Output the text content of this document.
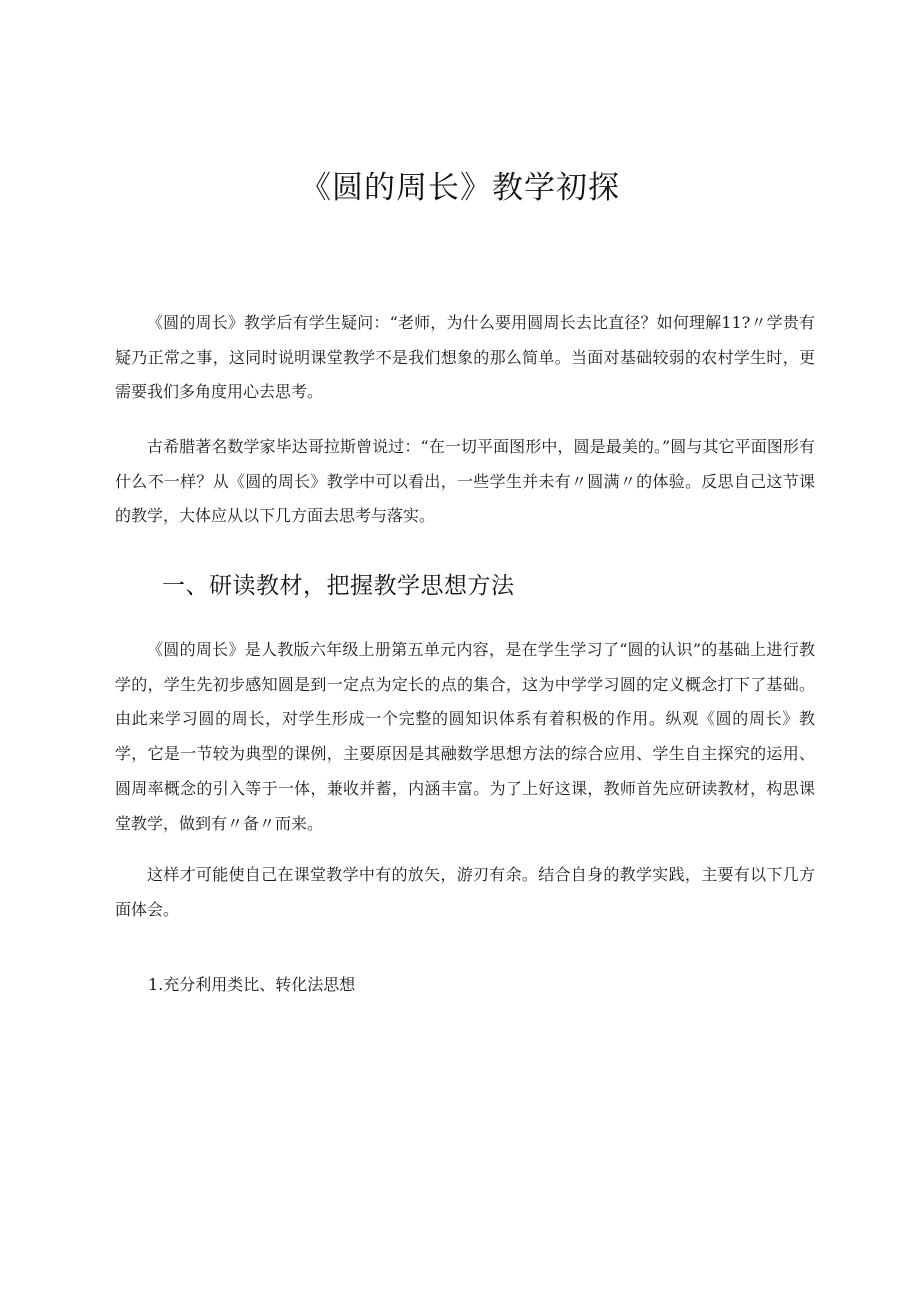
《圆的周长》教学初探

《圆的周长》教学后有学生疑问：“老师，为什么要用圆周长去比直径？如何理解11?〃学贵有疑乃正常之事，这同时说明课堂教学不是我们想象的那么简单。当面对基础较弱的农村学生时，更需要我们多角度用心去思考。

古希腊著名数学家毕达哥拉斯曾说过：“在一切平面图形中，圆是最美的。”圆与其它平面图形有什么不一样？从《圆的周长》教学中可以看出，一些学生并未有〃圆满〃的体验。反思自己这节课的教学，大体应从以下几方面去思考与落实。

一、研读教材，把握教学思想方法

《圆的周长》是人教版六年级上册第五单元内容，是在学生学习了“圆的认识”的基础上进行教学的，学生先初步感知圆是到一定点为定长的点的集合，这为中学学习圆的定义概念打下了基础。由此来学习圆的周长，对学生形成一个完整的圆知识体系有着积极的作用。纵观《圆的周长》教学，它是一节较为典型的课例，主要原因是其融数学思想方法的综合应用、学生自主探究的运用、圆周率概念的引入等于一体，兼收并蓄，内涵丰富。为了上好这课，教师首先应研读教材，构思课堂教学，做到有〃备〃而来。

这样才可能使自己在课堂教学中有的放矢，游刃有余。结合自身的教学实践，主要有以下几方面体会。

1.充分利用类比、转化法思想
